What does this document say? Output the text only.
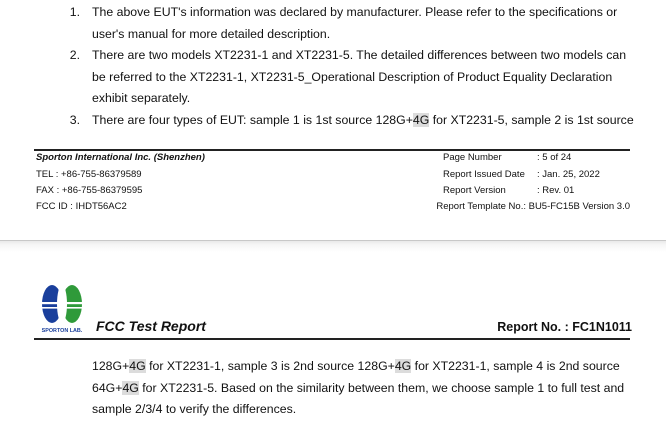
1. The above EUT's information was declared by manufacturer. Please refer to the specifications or
user's manual for more detailed description.
2. There are two models XT2231-1 and XT2231-5. The detailed differences between two models can
be referred to the XT2231-1, XT2231-5_Operational Description of Product Equality Declaration
exhibit separately.
3. There are four types of EUT: sample 1 is 1st source 128G+4G for XT2231-5, sample 2 is 1st source
Sporton International Inc. (Shenzhen)
TEL : +86-755-86379589
FAX : +86-755-86379595
FCC ID : IHDT56AC2
Page Number	: 5 of 24
Report Issued Date : Jan. 25, 2022
Report Version	: Rev. 01
Report Template No.: BU5-FC15B Version 3.0
SPORTON LAB. FCC Test Report	Report No. : FC1N1011
128G+4G for XT2231-1, sample 3 is 2nd source 128G+4G for XT2231-1, sample 4 is 2nd source
64G+4G for XT2231-5. Based on the similarity between them, we choose sample 1 to full test and
sample 2/3/4 to verify the differences.
